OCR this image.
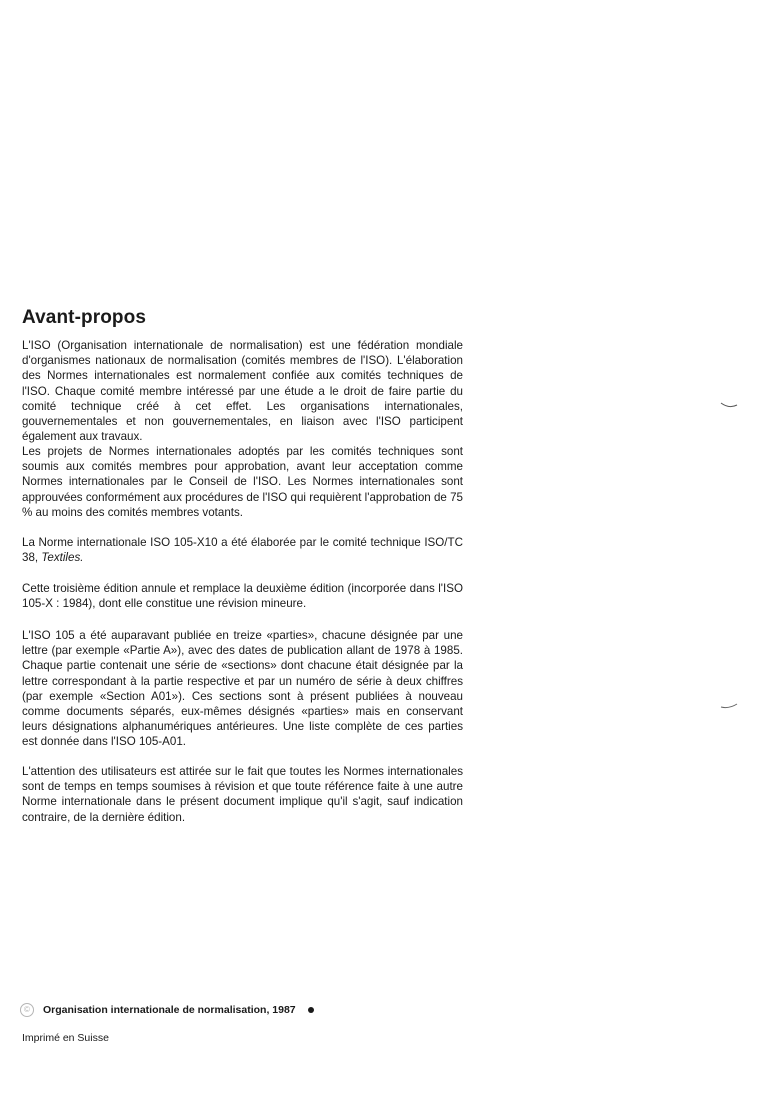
Avant-propos

L'ISO (Organisation internationale de normalisation) est une fédération mondiale d'organismes nationaux de normalisation (comités membres de l'ISO). L'élaboration des Normes internationales est normalement confiée aux comités techniques de l'ISO. Chaque comité membre intéressé par une étude a le droit de faire partie du comité technique créé à cet effet. Les organisations internationales, gouvernementales et non gouvernementales, en liaison avec l'ISO participent également aux travaux.

Les projets de Normes internationales adoptés par les comités techniques sont soumis aux comités membres pour approbation, avant leur acceptation comme Normes internationales par le Conseil de l'ISO. Les Normes internationales sont approuvées conformément aux procédures de l'ISO qui requièrent l'approbation de 75 % au moins des comités membres votants.

La Norme internationale ISO 105-X10 a été élaborée par le comité technique ISO/TC 38, Textiles.

Cette troisième édition annule et remplace la deuxième édition (incorporée dans l'ISO 105-X : 1984), dont elle constitue une révision mineure.

L'ISO 105 a été auparavant publiée en treize «parties», chacune désignée par une lettre (par exemple «Partie A»), avec des dates de publication allant de 1978 à 1985. Chaque partie contenait une série de «sections» dont chacune était désignée par la lettre correspondant à la partie respective et par un numéro de série à deux chiffres (par exemple «Section A01»). Ces sections sont à présent publiées à nouveau comme documents séparés, eux-mêmes désignés «parties» mais en conservant leurs désignations alphanumériques antérieures. Une liste complète de ces parties est donnée dans l'ISO 105-A01.

L'attention des utilisateurs est attirée sur le fait que toutes les Normes internationales sont de temps en temps soumises à révision et que toute référence faite à une autre Norme internationale dans le présent document implique qu'il s'agit, sauf indication contraire, de la dernière édition.

©	Organisation internationale de normalisation, 1987
Imprimé en Suisse
